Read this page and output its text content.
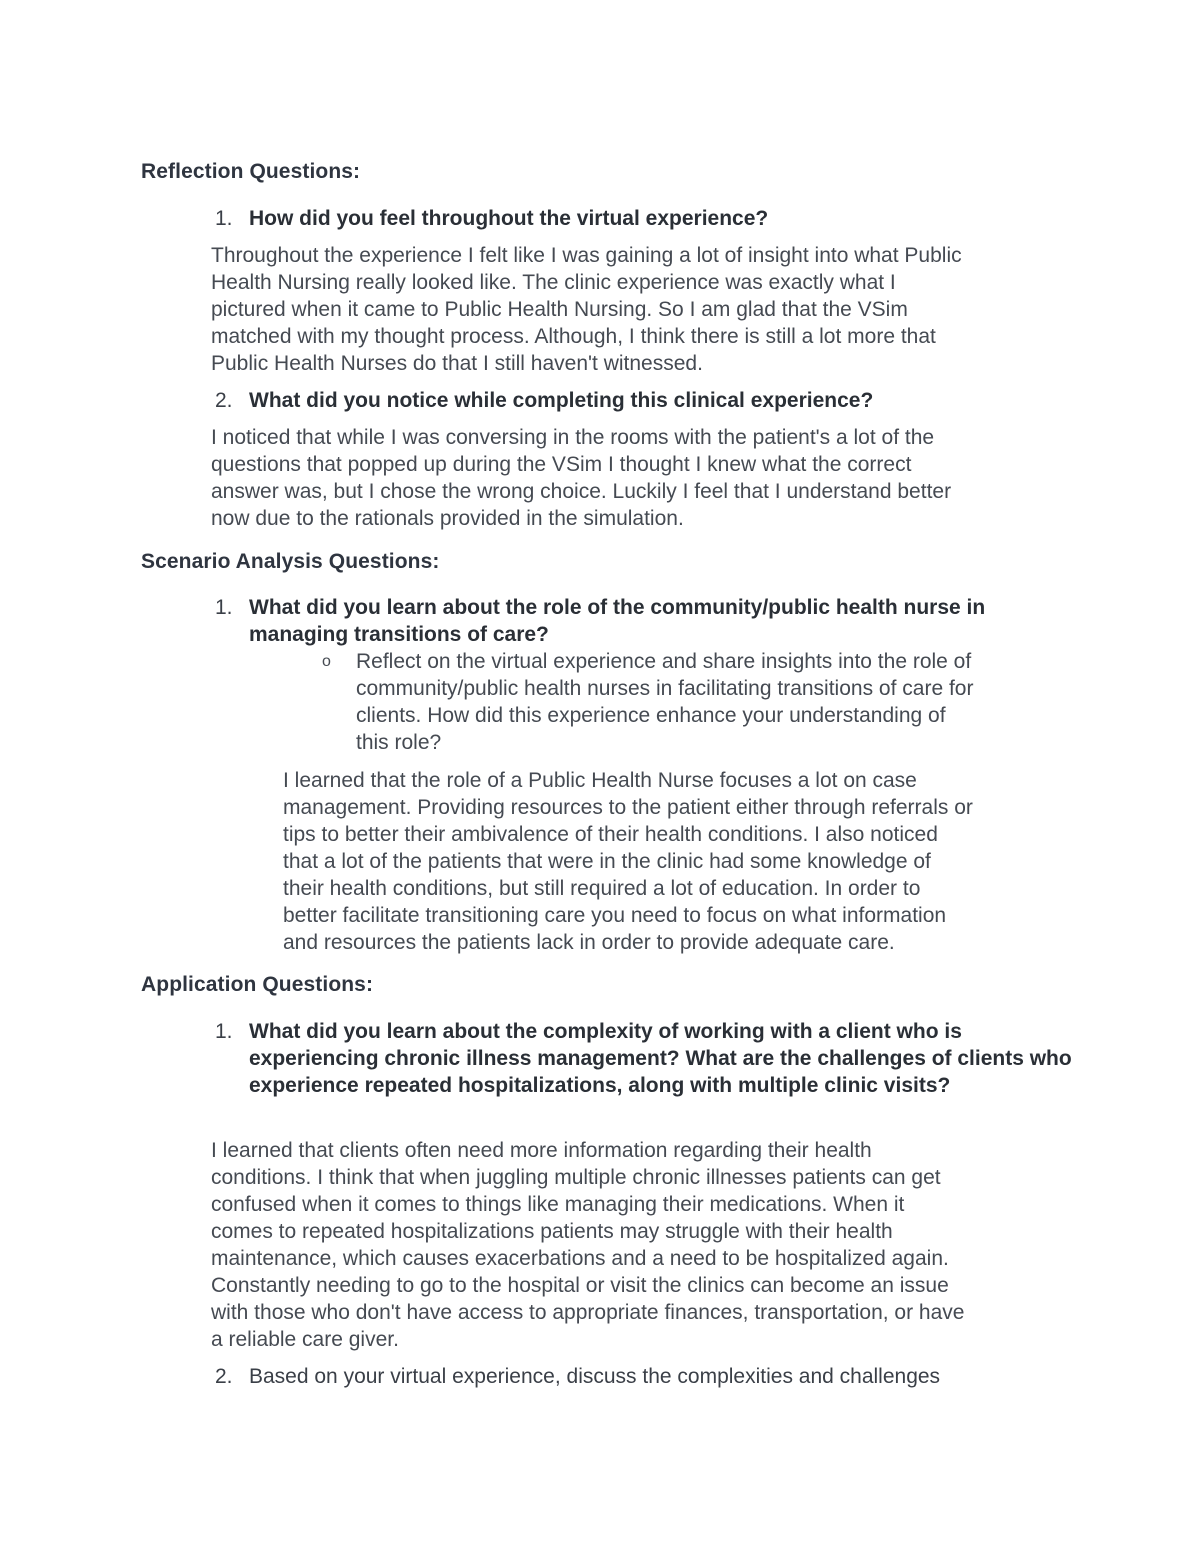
Reflection Questions:
1. How did you feel throughout the virtual experience?
Throughout the experience I felt like I was gaining a lot of insight into what Public
Health Nursing really looked like. The clinic experience was exactly what I
pictured when it came to Public Health Nursing. So I am glad that the VSim
matched with my thought process. Although, I think there is still a lot more that
Public Health Nurses do that I still haven't witnessed.
2. What did you notice while completing this clinical experience?
I noticed that while I was conversing in the rooms with the patient's a lot of the
questions that popped up during the VSim I thought I knew what the correct
answer was, but I chose the wrong choice. Luckily I feel that I understand better
now due to the rationals provided in the simulation.
Scenario Analysis Questions:
1. What did you learn about the role of the community/public health nurse in managing transitions of care?
o Reflect on the virtual experience and share insights into the role of
community/public health nurses in facilitating transitions of care for
clients. How did this experience enhance your understanding of
this role?
I learned that the role of a Public Health Nurse focuses a lot on case
management. Providing resources to the patient either through referrals or
tips to better their ambivalence of their health conditions. I also noticed
that a lot of the patients that were in the clinic had some knowledge of
their health conditions, but still required a lot of education. In order to
better facilitate transitioning care you need to focus on what information
and resources the patients lack in order to provide adequate care.
Application Questions:
1. What did you learn about the complexity of working with a client who is experiencing chronic illness management? What are the challenges of clients who experience repeated hospitalizations, along with multiple clinic visits?
I learned that clients often need more information regarding their health
conditions. I think that when juggling multiple chronic illnesses patients can get
confused when it comes to things like managing their medications. When it
comes to repeated hospitalizations patients may struggle with their health
maintenance, which causes exacerbations and a need to be hospitalized again.
Constantly needing to go to the hospital or visit the clinics can become an issue
with those who don't have access to appropriate finances, transportation, or have
a reliable care giver.
2. Based on your virtual experience, discuss the complexities and challenges
